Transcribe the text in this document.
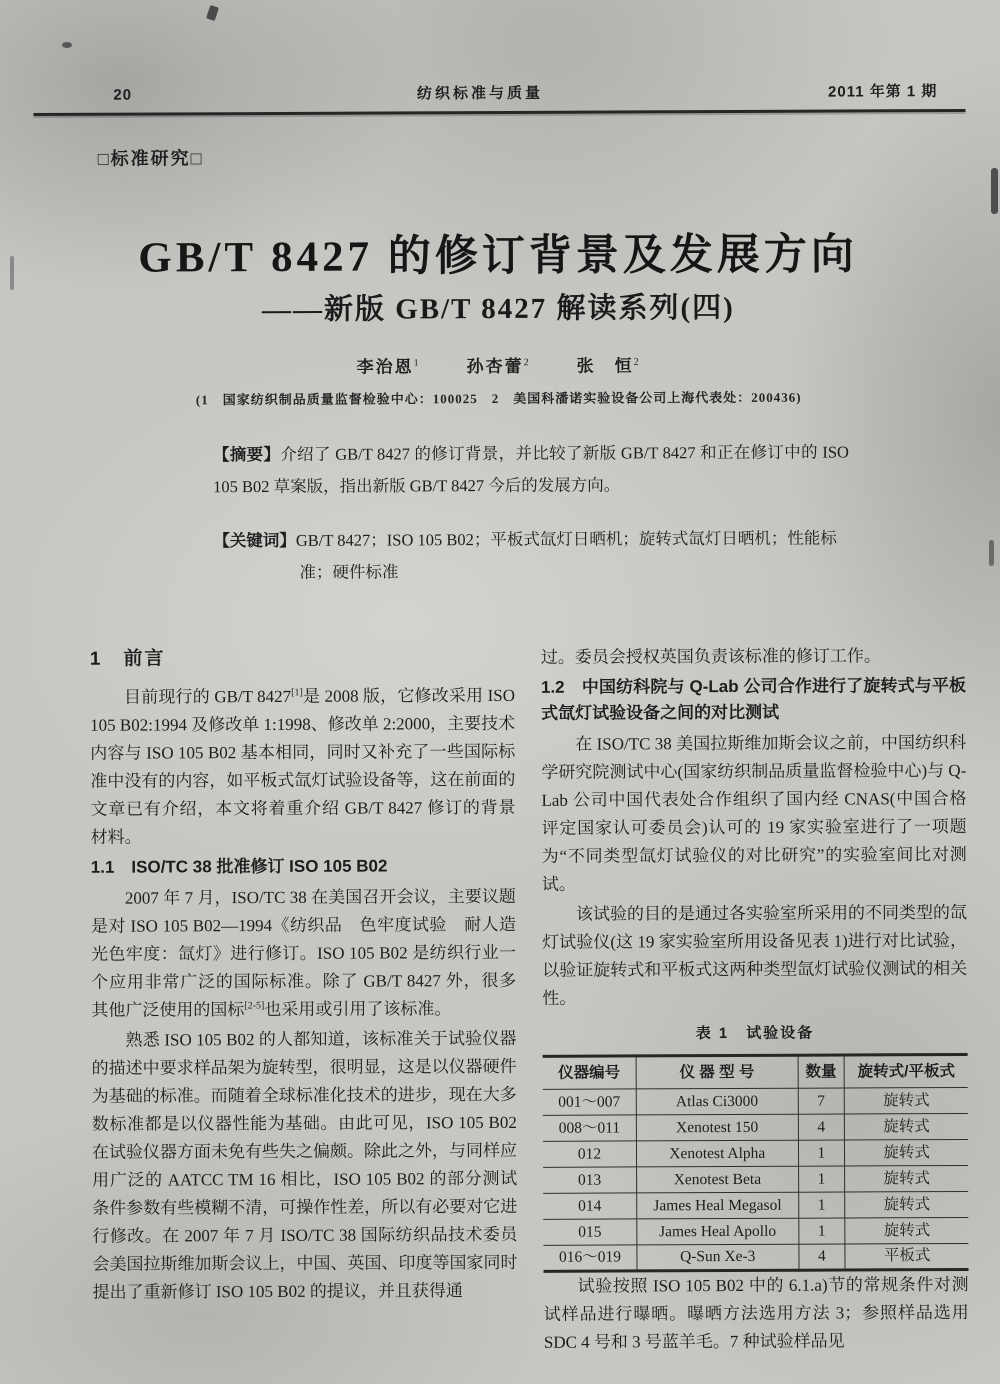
20	纺织标准与质量	2011 年第 1 期
□标准研究□
GB/T 8427 的修订背景及发展方向
——新版 GB/T 8427 解读系列(四)
李治恩$^1$	孙杏蕾$^2$	张　恒$^2$
(1　国家纺织制品质量监督检验中心：100025　2　美国科潘诺实验设备公司上海代表处：200436)
【摘要】介绍了 GB/T 8427 的修订背景，并比较了新版 GB/T 8427 和正在修订中的 ISO 105 B02 草案版，指出新版 GB/T 8427 今后的发展方向。
【关键词】GB/T 8427；ISO 105 B02；平板式氙灯日晒机；旋转式氙灯日晒机；性能标准；硬件标准
1　前言

目前现行的 GB/T 8427[1]是 2008 版，它修改采用 ISO 105 B02:1994 及修改单 1:1998、修改单 2:2000，主要技术内容与 ISO 105 B02 基本相同，同时又补充了一些国际标准中没有的内容，如平板式氙灯试验设备等，这在前面的文章已有介绍，本文将着重介绍 GB/T 8427 修订的背景材料。

1.1　ISO/TC 38 批准修订 ISO 105 B02

2007 年 7 月，ISO/TC 38 在美国召开会议，主要议题是对 ISO 105 B02—1994《纺织品　色牢度试验　耐人造光色牢度：氙灯》进行修订。ISO 105 B02 是纺织行业一个应用非常广泛的国际标准。除了 GB/T 8427 外，很多其他广泛使用的国标[2-5]也采用或引用了该标准。

熟悉 ISO 105 B02 的人都知道，该标准关于试验仪器的描述中要求样品架为旋转型，很明显，这是以仪器硬件为基础的标准。而随着全球标准化技术的进步，现在大多数标准都是以仪器性能为基础。由此可见，ISO 105 B02 在试验仪器方面未免有些失之偏颇。除此之外，与同样应用广泛的 AATCC TM 16 相比，ISO 105 B02 的部分测试条件参数有些模糊不清，可操作性差，所以有必要对它进行修改。在 2007 年 7 月 ISO/TC 38 国际纺织品技术委员会美国拉斯维加斯会议上，中国、英国、印度等国家同时提出了重新修订 ISO 105 B02 的提议，并且获得通

过。委员会授权英国负责该标准的修订工作。

1.2　中国纺科院与 Q-Lab 公司合作进行了旋转式与平板式氙灯试验设备之间的对比测试

在 ISO/TC 38 美国拉斯维加斯会议之前，中国纺织科学研究院测试中心(国家纺织制品质量监督检验中心)与 Q-Lab 公司中国代表处合作组织了国内经 CNAS(中国合格评定国家认可委员会)认可的 19 家实验室进行了一项题为“不同类型氙灯试验仪的对比研究”的实验室间比对测试。

该试验的目的是通过各实验室所采用的不同类型的氙灯试验仪(这 19 家实验室所用设备见表 1)进行对比试验，以验证旋转式和平板式这两种类型氙灯试验仪测试的相关性。

表 1　试验设备
仪器编号	仪 器 型 号	数量	旋转式/平板式
001～007	Atlas Ci3000	7	旋转式
008～011	Xenotest 150	4	旋转式
012	Xenotest Alpha	1	旋转式
013	Xenotest Beta	1	旋转式
014	James Heal Megasol	1	旋转式
015	James Heal Apollo	1	旋转式
016～019	Q-Sun Xe-3	4	平板式

试验按照 ISO 105 B02 中的 6.1.a)节的常规条件对测试样品进行曝晒。曝晒方法选用方法 3；参照样品选用 SDC 4 号和 3 号蓝羊毛。7 种试验样品见
